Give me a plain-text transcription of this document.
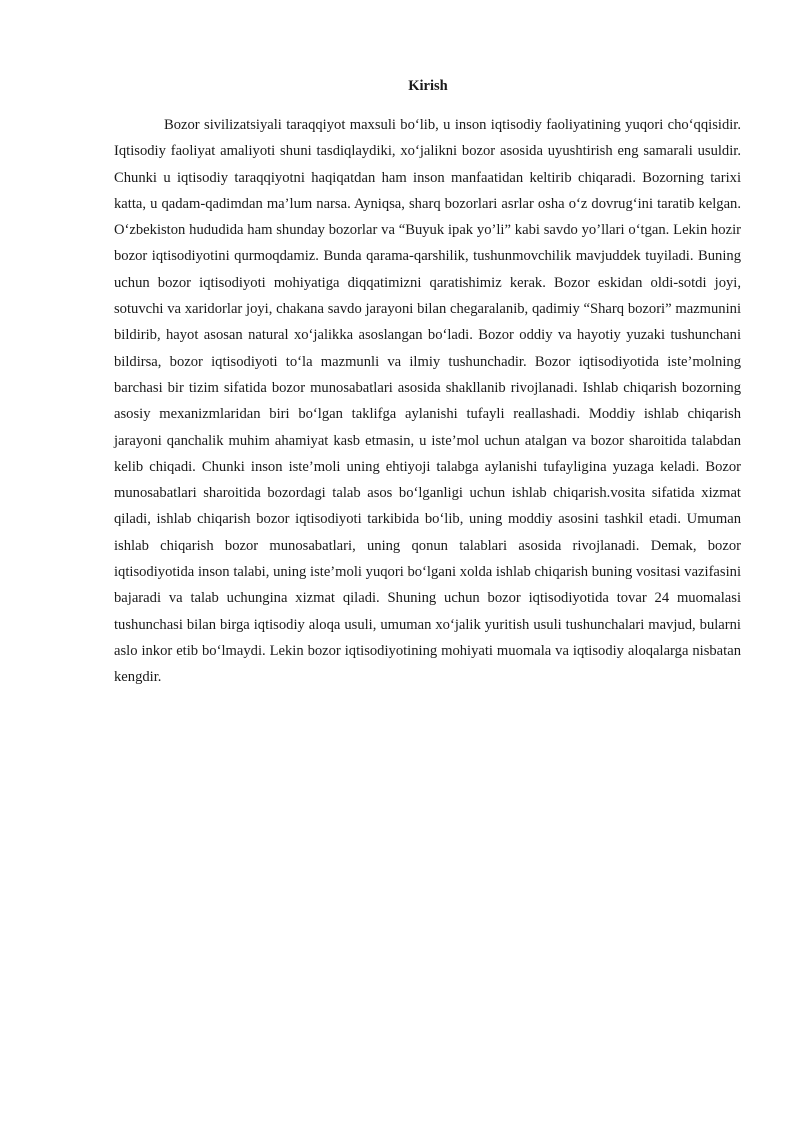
Kirish

Bozor sivilizatsiyali taraqqiyot maxsuli bo‘lib, u inson iqtisodiy faoliyatining yuqori cho‘qqisidir. Iqtisodiy faoliyat amaliyoti shuni tasdiqlaydiki, xo‘jalikni bozor asosida uyushtirish eng samarali usuldir. Chunki u iqtisodiy taraqqiyotni haqiqatdan ham inson manfaatidan keltirib chiqaradi. Bozorning tarixi katta, u qadam-qadimdan ma’lum narsa. Ayniqsa, sharq bozorlari asrlar osha o‘z dovrug‘ini taratib kelgan. O‘zbekiston hududida ham shunday bozorlar va “Buyuk ipak yo’li” kabi savdo yo’llari o‘tgan. Lekin hozir bozor iqtisodiyotini qurmoqdamiz. Bunda qarama-qarshilik, tushunmovchilik mavjuddek tuyiladi. Buning uchun bozor iqtisodiyoti mohiyatiga diqqatimizni qaratishimiz kerak. Bozor eskidan oldi-sotdi joyi, sotuvchi va xaridorlar joyi, chakana savdo jarayoni bilan chegaralanib, qadimiy “Sharq bozori” mazmunini bildirib, hayot asosan natural xo‘jalikka asoslangan bo‘ladi. Bozor oddiy va hayotiy yuzaki tushunchani bildirsa, bozor iqtisodiyoti to‘la mazmunli va ilmiy tushunchadir. Bozor iqtisodiyotida iste’molning barchasi bir tizim sifatida bozor munosabatlari asosida shakllanib rivojlanadi. Ishlab chiqarish bozorning asosiy mexanizmlaridan biri bo‘lgan taklifga aylanishi tufayli reallashadi. Moddiy ishlab chiqarish jarayoni qanchalik muhim ahamiyat kasb etmasin, u iste’mol uchun atalgan va bozor sharoitida talabdan kelib chiqadi. Chunki inson iste’moli uning ehtiyoji talabga aylanishi tufayligina yuzaga keladi. Bozor munosabatlari sharoitida bozordagi talab asos bo‘lganligi uchun ishlab chiqarish.vosita sifatida xizmat qiladi, ishlab chiqarish bozor iqtisodiyoti tarkibida bo‘lib, uning moddiy asosini tashkil etadi. Umuman ishlab chiqarish bozor munosabatlari, uning qonun talablari asosida rivojlanadi. Demak, bozor iqtisodiyotida inson talabi, uning iste’moli yuqori bo‘lgani xolda ishlab chiqarish buning vositasi vazifasini bajaradi va talab uchungina xizmat qiladi. Shuning uchun bozor iqtisodiyotida tovar 24 muomalasi tushunchasi bilan birga iqtisodiy aloqa usuli, umuman xo‘jalik yuritish usuli tushunchalari mavjud, bularni aslo inkor etib bo‘lmaydi. Lekin bozor iqtisodiyotining mohiyati muomala va iqtisodiy aloqalarga nisbatan kengdir.
